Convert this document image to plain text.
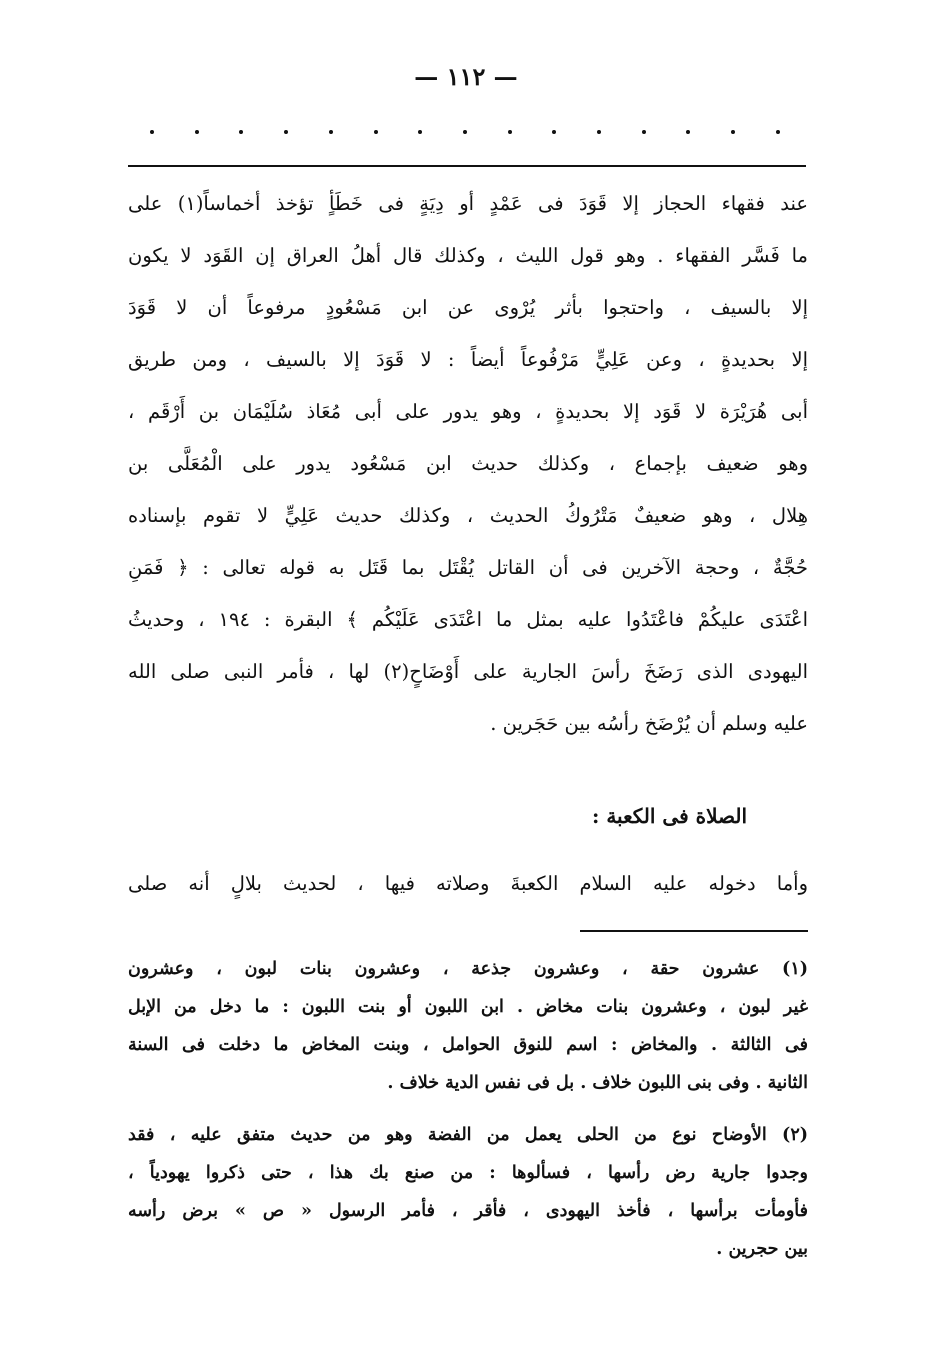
— ١١٢ —
عند فقهاء الحجاز إلا قَوَدَ فى عَمْدٍ أو دِيَةٍ فى خَطَأٍ تؤخذ أخماساً(١) على
ما فَسَّر الفقهاء . وهو قول الليث ، وكذلك قال أهلُ العراق إن القَوَد لا يكون
إلا بالسيف ، واحتجوا بأثر يُرْوى عن ابن مَسْعُودٍ مرفوعاً أن لا قَوَدَ
إلا بحديدةٍ ، وعن عَلِيٍّ مَرْفُوعاً أيضاً : لا قَوَدَ إلا بالسيف ، ومن طريق
أبى هُرَيْرَة لا قَوَد إلا بحديدةٍ ، وهو يدور على أبى مُعَاذ سُلَيْمَان بن أَرْقَم ،
وهو ضعيف بإجماع ، وكذلك حديث ابن مَسْعُود يدور على الْمُعَلَّى بن
هِلال ، وهو ضعيفٌ مَتْرُوكُ الحديث ، وكذلك حديث عَلِيٍّ لا تقوم بإسناده
حُجَّةٌ ، وحجة الآخرين فى أن القاتل يُقْتَل بما قَتَل به قوله تعالى : ﴿ فَمَنِ
اعْتَدَى عليكُمْ فاعْتَدُوا عليه بمثل ما اعْتَدَى عَلَيْكُم ﴾ البقرة : ١٩٤ ، وحديثُ
اليهودى الذى رَضَخَ رأسَ الجارية على أَوْضَاحٍ(٢) لها ، فأمر النبى صلى الله
عليه وسلم أن يُرْضَخ رأسُه بين حَجَرين .
الصلاة فى الكعبة :
وأما دخوله عليه السلام الكعبةَ وصلاته فيها ، لحديث بلالٍ أنه صلى
(١) عشرون حقة ، وعشرون جذعة ، وعشرون بنات لبون ، وعشرون
غير لبون ، وعشرون بنات مخاض . ابن اللبون أو بنت اللبون : ما دخل من الإبل
فى الثالثة . والمخاض : اسم للنوق الحوامل ، وبنت المخاض ما دخلت فى السنة
الثانية . وفى بنى اللبون خلاف . بل فى نفس الدية خلاف .
(٢) الأوضاح نوع من الحلى يعمل من الفضة وهو من حديث متفق عليه ، فقد
وجدوا جارية رض رأسها ، فسألوها : من صنع بك هذا ، حتى ذكروا يهودياً ،
فأومأت برأسها ، فأخذ اليهودى ، فأقر ، فأمر الرسول « ص » برض رأسه
بين حجرين .
